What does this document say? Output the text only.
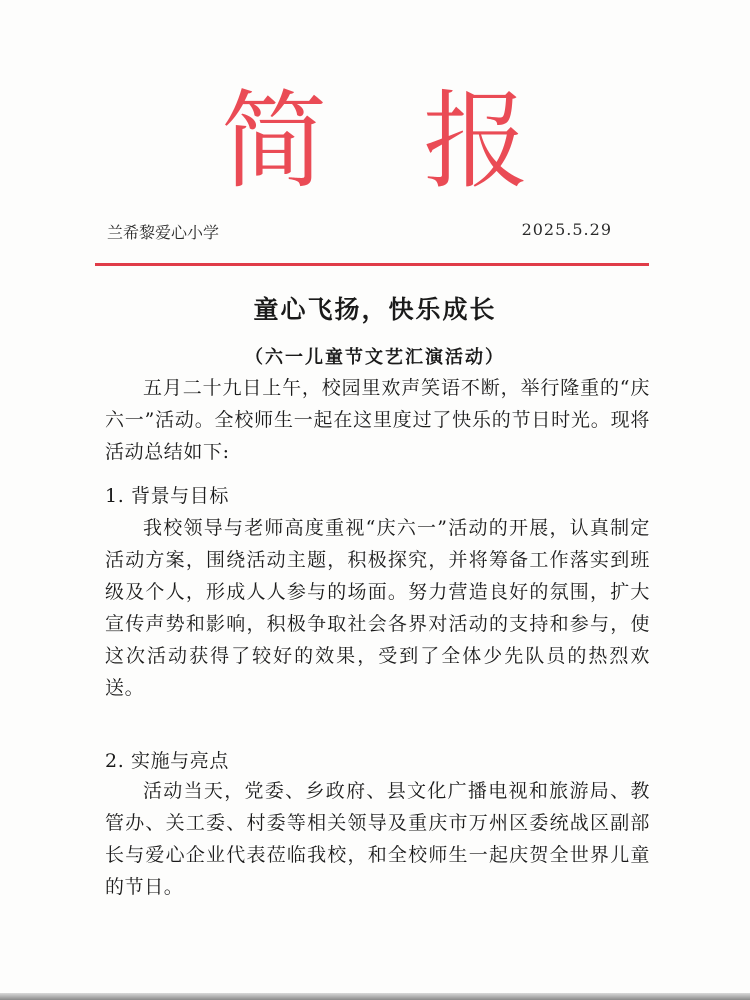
简报
兰希黎爱心小学	2025.5.29
童心飞扬，快乐成长
（六一儿童节文艺汇演活动）

五月二十九日上午，校园里欢声笑语不断，举行隆重的“庆六一”活动。全校师生一起在这里度过了快乐的节日时光。现将活动总结如下:

1. 背景与目标

我校领导与老师高度重视“庆六一”活动的开展，认真制定活动方案，围绕活动主题，积极探究，并将筹备工作落实到班级及个人，形成人人参与的场面。努力营造良好的氛围，扩大宣传声势和影响，积极争取社会各界对活动的支持和参与，使这次活动获得了较好的效果，受到了全体少先队员的热烈欢送。

2. 实施与亮点

活动当天，党委、乡政府、县文化广播电视和旅游局、教管办、关工委、村委等相关领导及重庆市万州区委统战区副部长与爱心企业代表莅临我校，和全校师生一起庆贺全世界儿童的节日。
